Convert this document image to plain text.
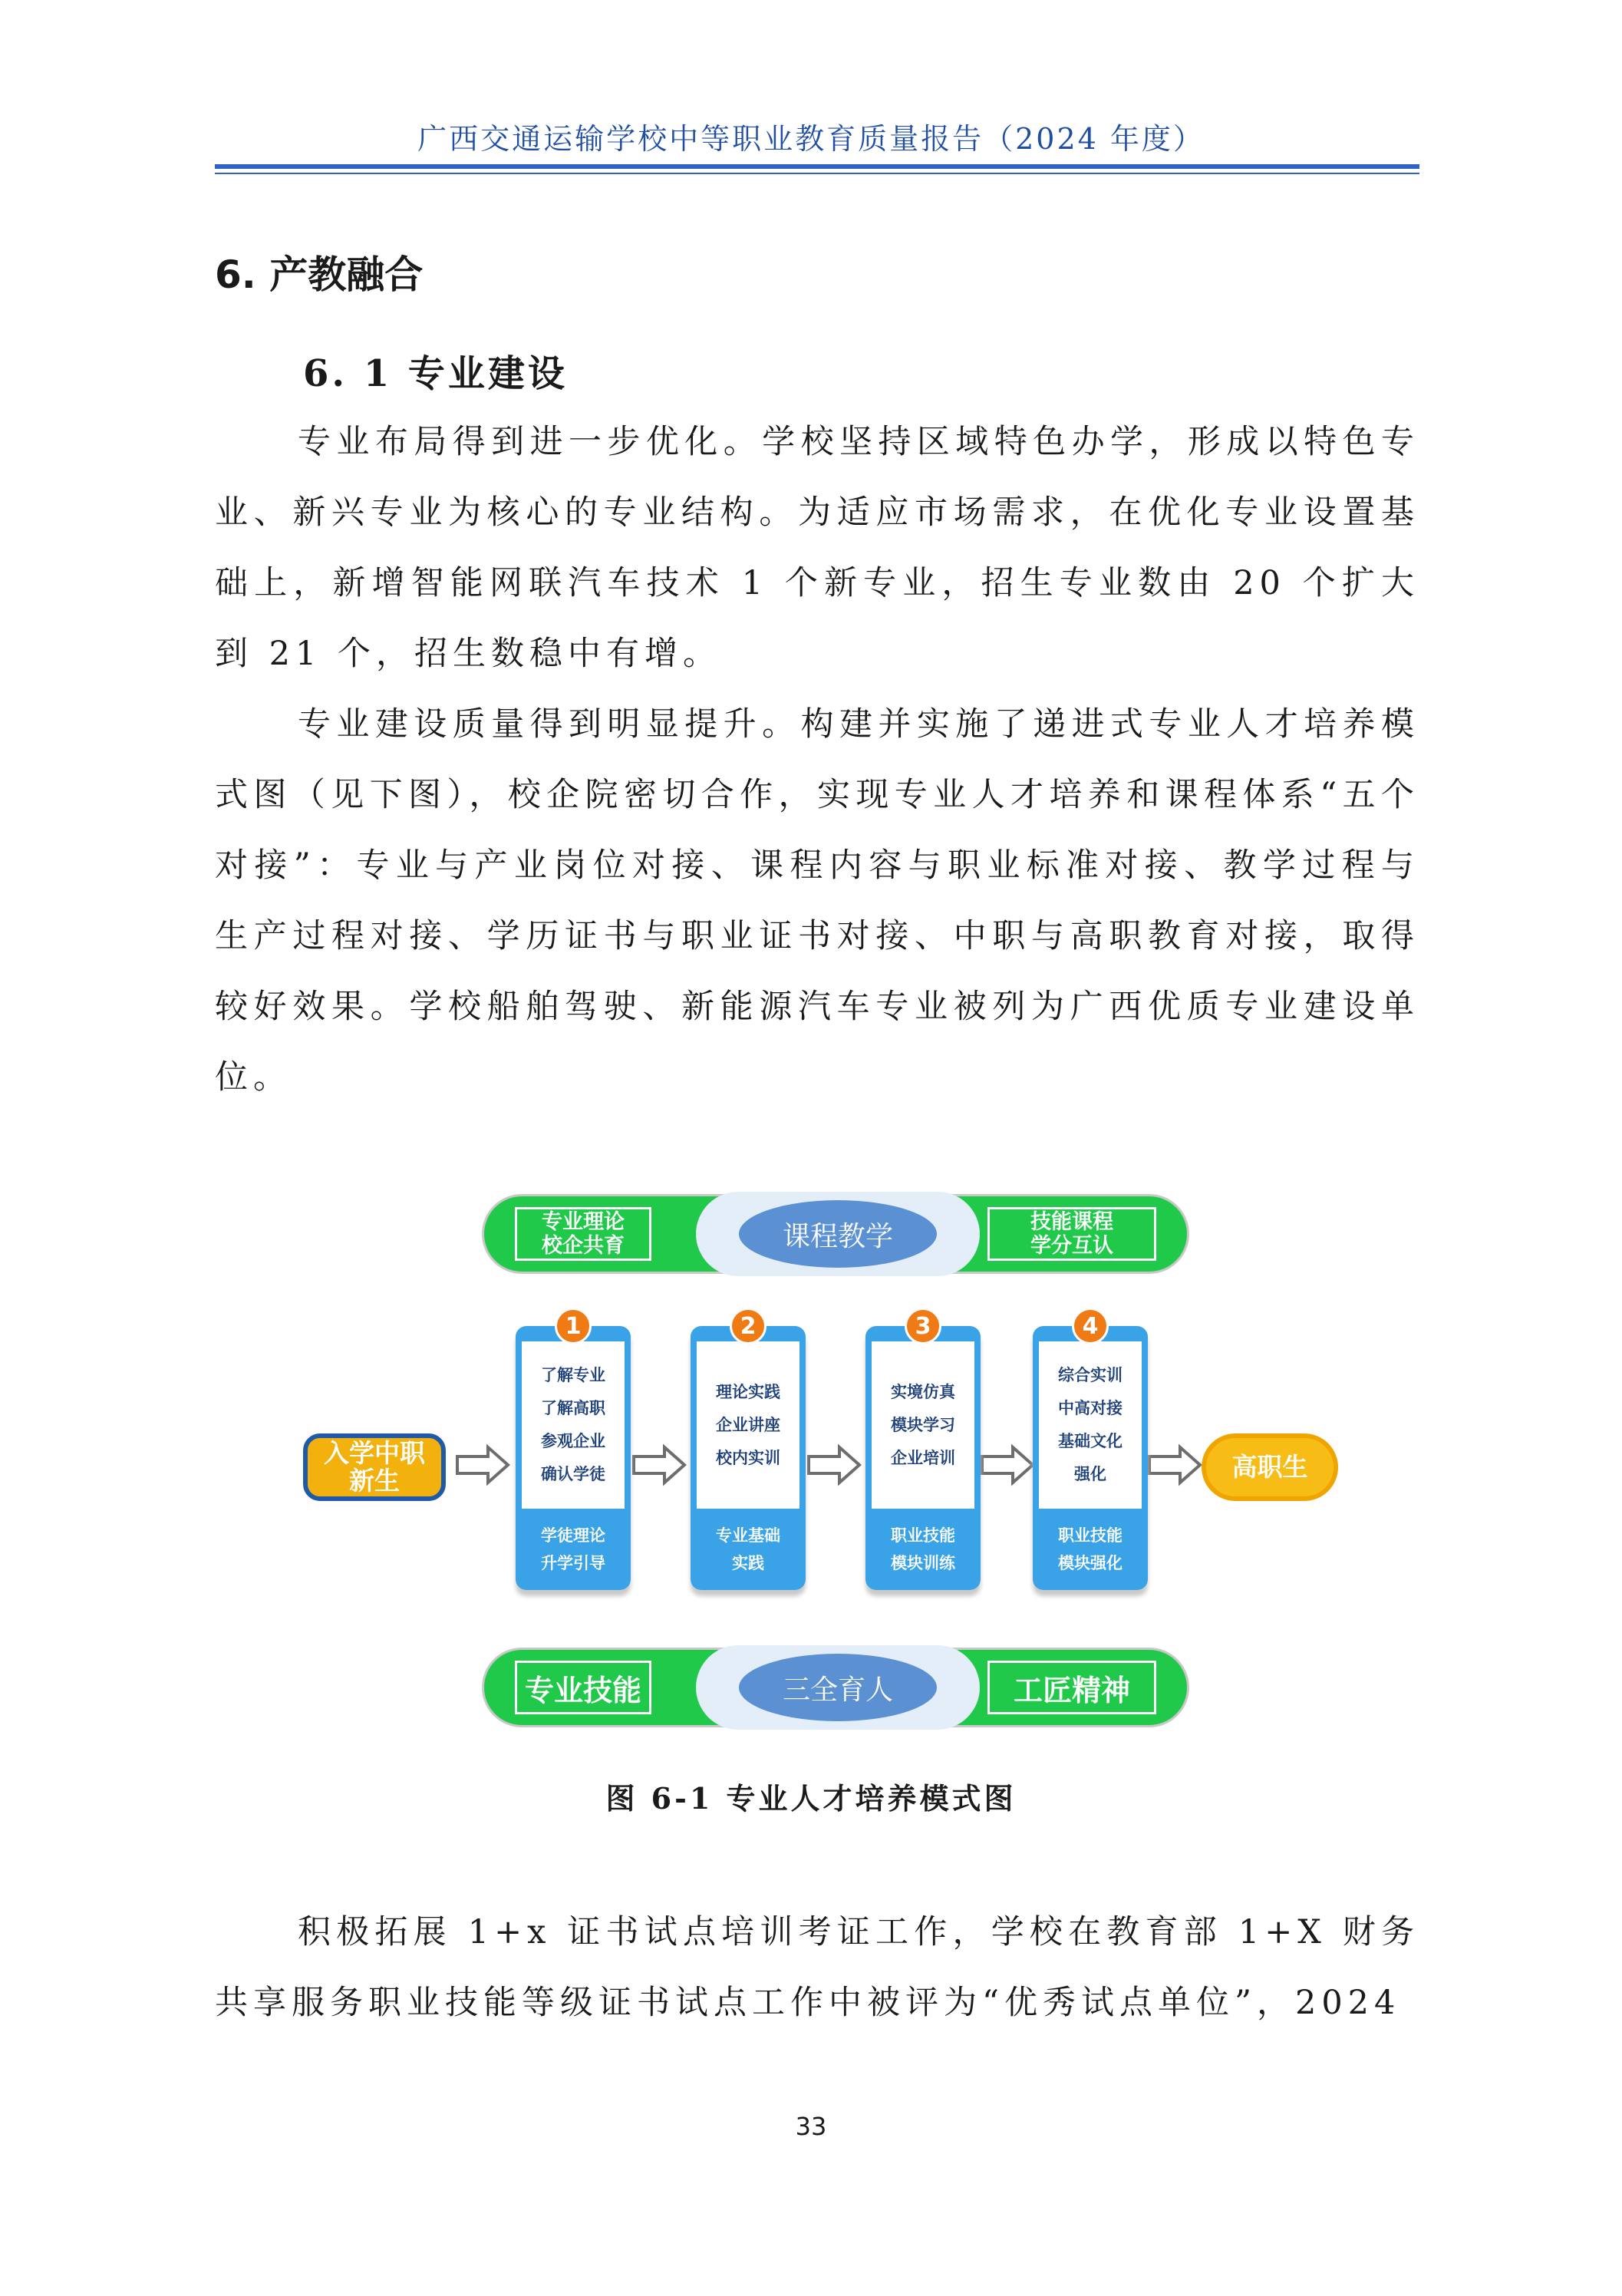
广西交通运输学校中等职业教育质量报告（2024 年度）
6. 产教融合
6. 1 专业建设

专业布局得到进一步优化。学校坚持区域特色办学，形成以特色专业、新兴专业为核心的专业结构。为适应市场需求，在优化专业设置基础上，新增智能网联汽车技术 1 个新专业，招生专业数由 20 个扩大到 21 个，招生数稳中有增。

专业建设质量得到明显提升。构建并实施了递进式专业人才培养模式图（见下图），校企院密切合作，实现专业人才培养和课程体系“五个对接”：专业与产业岗位对接、课程内容与职业标准对接、教学过程与生产过程对接、学历证书与职业证书对接、中职与高职教育对接，取得较好效果。学校船舶驾驶、新能源汽车专业被列为广西优质专业建设单位。

专业理论
校企共育	课程教学	技能课程
学分互认
入学中职
新生
了解专业
了解高职
参观企业
确认学徒
学徒理论
升学引导
1
理论实践
企业讲座
校内实训
专业基础
实践
2
实境仿真
模块学习
企业培训
职业技能
模块训练
3
综合实训
中高对接
基础文化
强化
职业技能
模块强化
4
高职生
专业技能	三全育人	工匠精神
图 6-1 专业人才培养模式图

积极拓展 1+x 证书试点培训考证工作，学校在教育部 1+X 财务共享服务职业技能等级证书试点工作中被评为“优秀试点单位”，2024

33
